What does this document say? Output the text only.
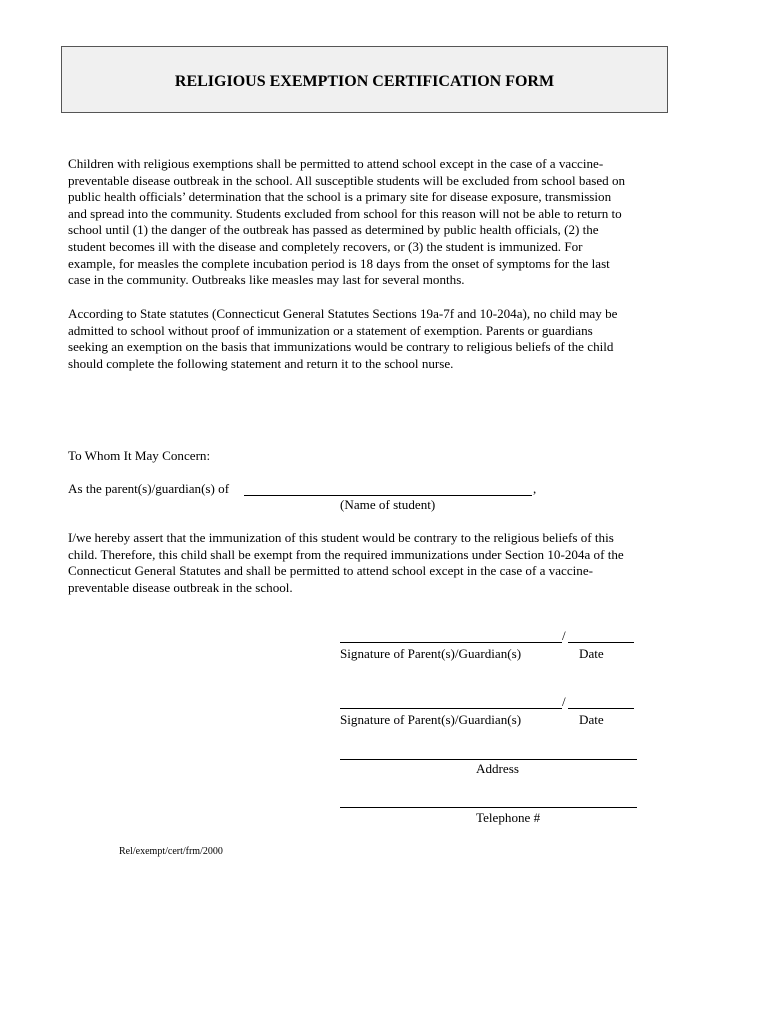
RELIGIOUS EXEMPTION CERTIFICATION FORM
Children with religious exemptions shall be permitted to attend school except in the case of a vaccine-
preventable disease outbreak in the school. All susceptible students will be excluded from school based on
public health officials’ determination that the school is a primary site for disease exposure, transmission
and spread into the community. Students excluded from school for this reason will not be able to return to
school until (1) the danger of the outbreak has passed as determined by public health officials, (2) the
student becomes ill with the disease and completely recovers, or (3) the student is immunized. For
example, for measles the complete incubation period is 18 days from the onset of symptoms for the last
case in the community. Outbreaks like measles may last for several months.
According to State statutes (Connecticut General Statutes Sections 19a-7f and 10-204a), no child may be
admitted to school without proof of immunization or a statement of exemption. Parents or guardians
seeking an exemption on the basis that immunizations would be contrary to religious beliefs of the child
should complete the following statement and return it to the school nurse.
To Whom It May Concern:
As the parent(s)/guardian(s) of	,
(Name of student)
I/we hereby assert that the immunization of this student would be contrary to the religious beliefs of this
child. Therefore, this child shall be exempt from the required immunizations under Section 10-204a of the
Connecticut General Statutes and shall be permitted to attend school except in the case of a vaccine-
preventable disease outbreak in the school.
/
Signature of Parent(s)/Guardian(s)	Date
/
Signature of Parent(s)/Guardian(s)	Date
Address
Telephone #
Rel/exempt/cert/frm/2000
